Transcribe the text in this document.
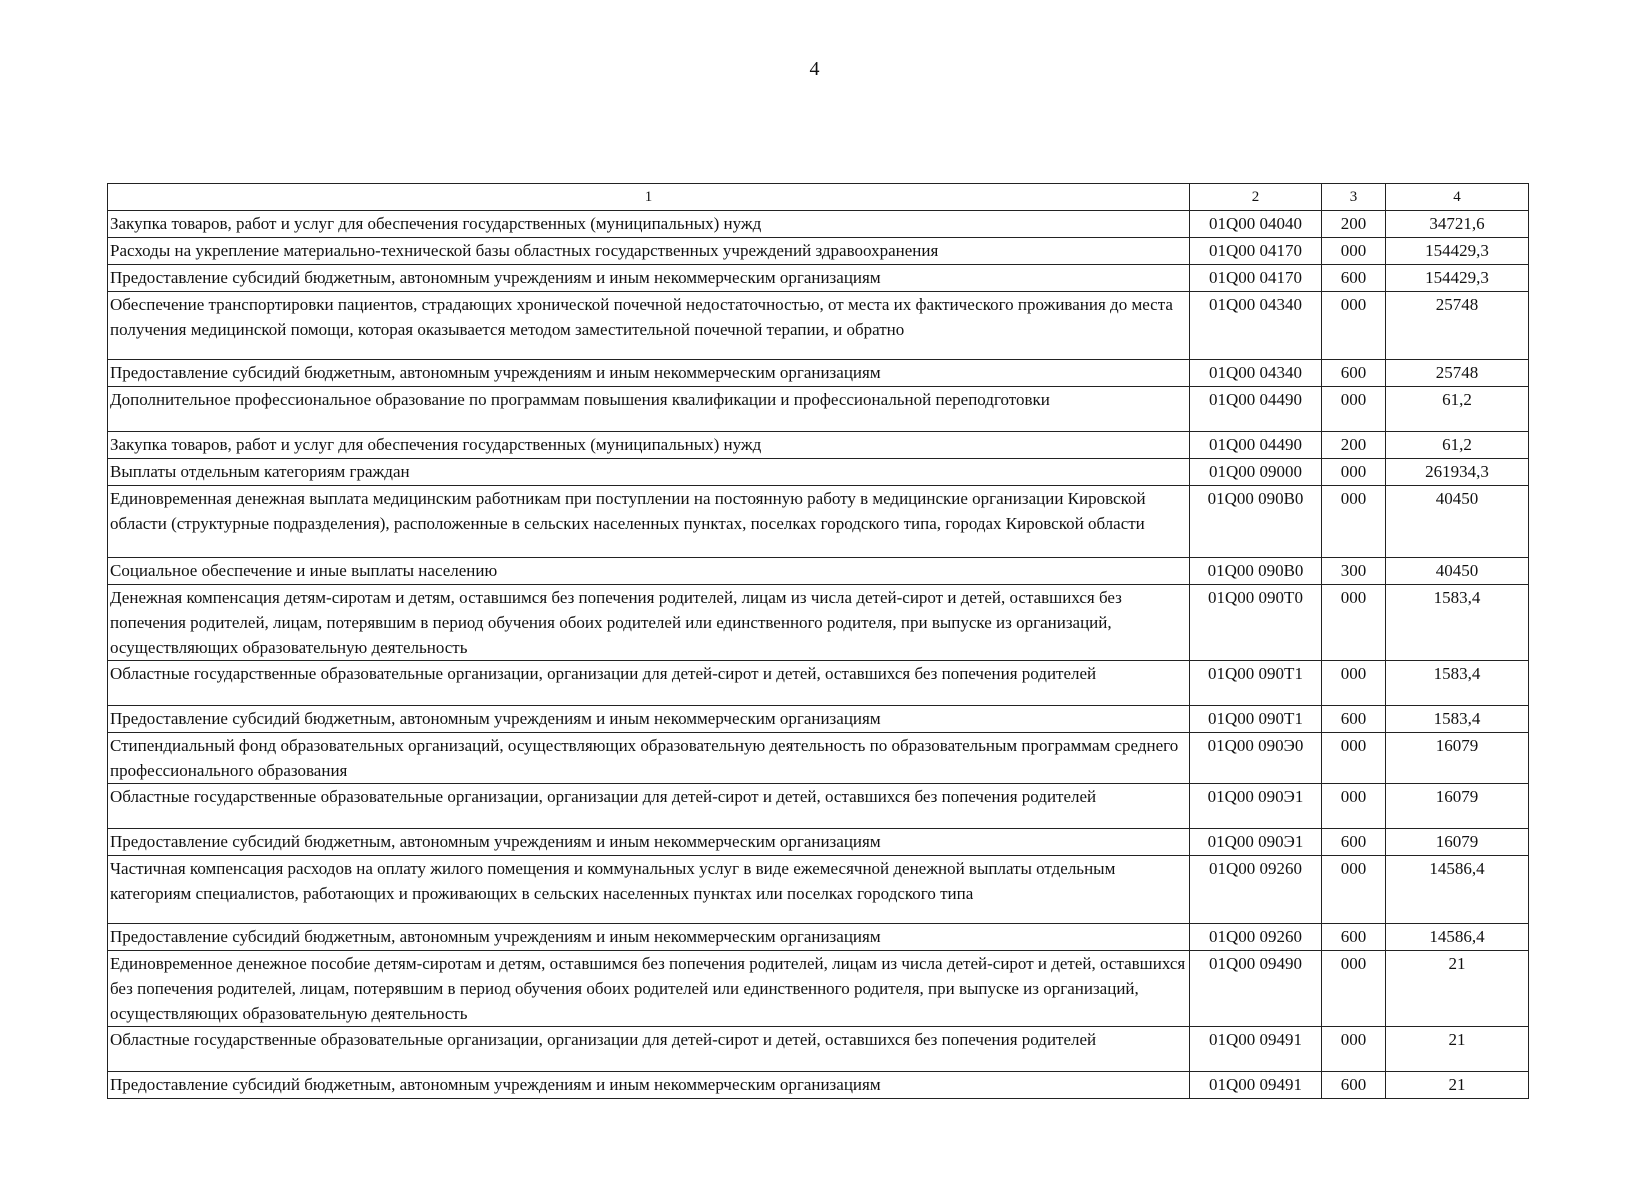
4
1	2	3	4
Закупка товаров, работ и услуг для обеспечения государственных (муниципальных) нужд	01Q00 04040	200	34721,6
Расходы на укрепление материально-технической базы областных государственных учреждений здравоохранения	01Q00 04170	000	154429,3
Предоставление субсидий бюджетным, автономным учреждениям и иным некоммерческим организациям	01Q00 04170	600	154429,3
Обеспечение транспортировки пациентов, страдающих хронической почечной недостаточностью, от места их фактического проживания до места получения медицинской помощи, которая оказывается методом заместительной почечной терапии, и обратно	01Q00 04340	000	25748
Предоставление субсидий бюджетным, автономным учреждениям и иным некоммерческим организациям	01Q00 04340	600	25748
Дополнительное профессиональное образование по программам повышения квалификации и профессиональной переподготовки	01Q00 04490	000	61,2
Закупка товаров, работ и услуг для обеспечения государственных (муниципальных) нужд	01Q00 04490	200	61,2
Выплаты отдельным категориям граждан	01Q00 09000	000	261934,3
Единовременная денежная выплата медицинским работникам при поступлении на постоянную работу в медицинские организации Кировской области (структурные подразделения), расположенные в сельских населенных пунктах, поселках городского типа, городах Кировской области	01Q00 090В0	000	40450
Социальное обеспечение и иные выплаты населению	01Q00 090В0	300	40450
Денежная компенсация детям-сиротам и детям, оставшимся без попечения родителей, лицам из числа детей-сирот и детей, оставшихся без попечения родителей, лицам, потерявшим в период обучения обоих родителей или единственного родителя, при выпуске из организаций, осуществляющих образовательную деятельность	01Q00 090Т0	000	1583,4
Областные государственные образовательные организации, организации для детей-сирот и детей, оставшихся без попечения родителей	01Q00 090Т1	000	1583,4
Предоставление субсидий бюджетным, автономным учреждениям и иным некоммерческим организациям	01Q00 090Т1	600	1583,4
Стипендиальный фонд образовательных организаций, осуществляющих образовательную деятельность по образовательным программам среднего профессионального образования	01Q00 090Э0	000	16079
Областные государственные образовательные организации, организации для детей-сирот и детей, оставшихся без попечения родителей	01Q00 090Э1	000	16079
Предоставление субсидий бюджетным, автономным учреждениям и иным некоммерческим организациям	01Q00 090Э1	600	16079
Частичная компенсация расходов на оплату жилого помещения и коммунальных услуг в виде ежемесячной денежной выплаты отдельным категориям специалистов, работающих и проживающих в сельских населенных пунктах или поселках городского типа	01Q00 09260	000	14586,4
Предоставление субсидий бюджетным, автономным учреждениям и иным некоммерческим организациям	01Q00 09260	600	14586,4
Единовременное денежное пособие детям-сиротам и детям, оставшимся без попечения родителей, лицам из числа детей-сирот и детей, оставшихся без попечения родителей, лицам, потерявшим в период обучения обоих родителей или единственного родителя, при выпуске из организаций, осуществляющих образовательную деятельность	01Q00 09490	000	21
Областные государственные образовательные организации, организации для детей-сирот и детей, оставшихся без попечения родителей	01Q00 09491	000	21
Предоставление субсидий бюджетным, автономным учреждениям и иным некоммерческим организациям	01Q00 09491	600	21
